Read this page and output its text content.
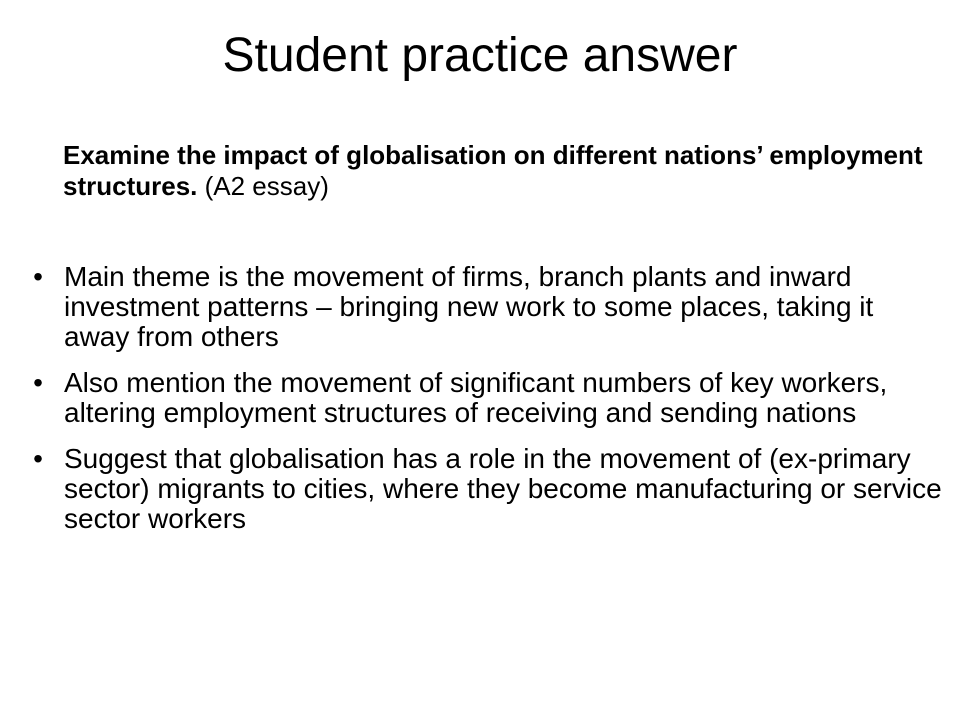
Student practice answer

Examine the impact of globalisation on different nations’ employment structures. (A2 essay)

• Main theme is the movement of firms, branch plants and inward investment patterns – bringing new work to some places, taking it away from others
• Also mention the movement of significant numbers of key workers, altering employment structures of receiving and sending nations
• Suggest that globalisation has a role in the movement of (ex-primary sector) migrants to cities, where they become manufacturing or service sector workers
